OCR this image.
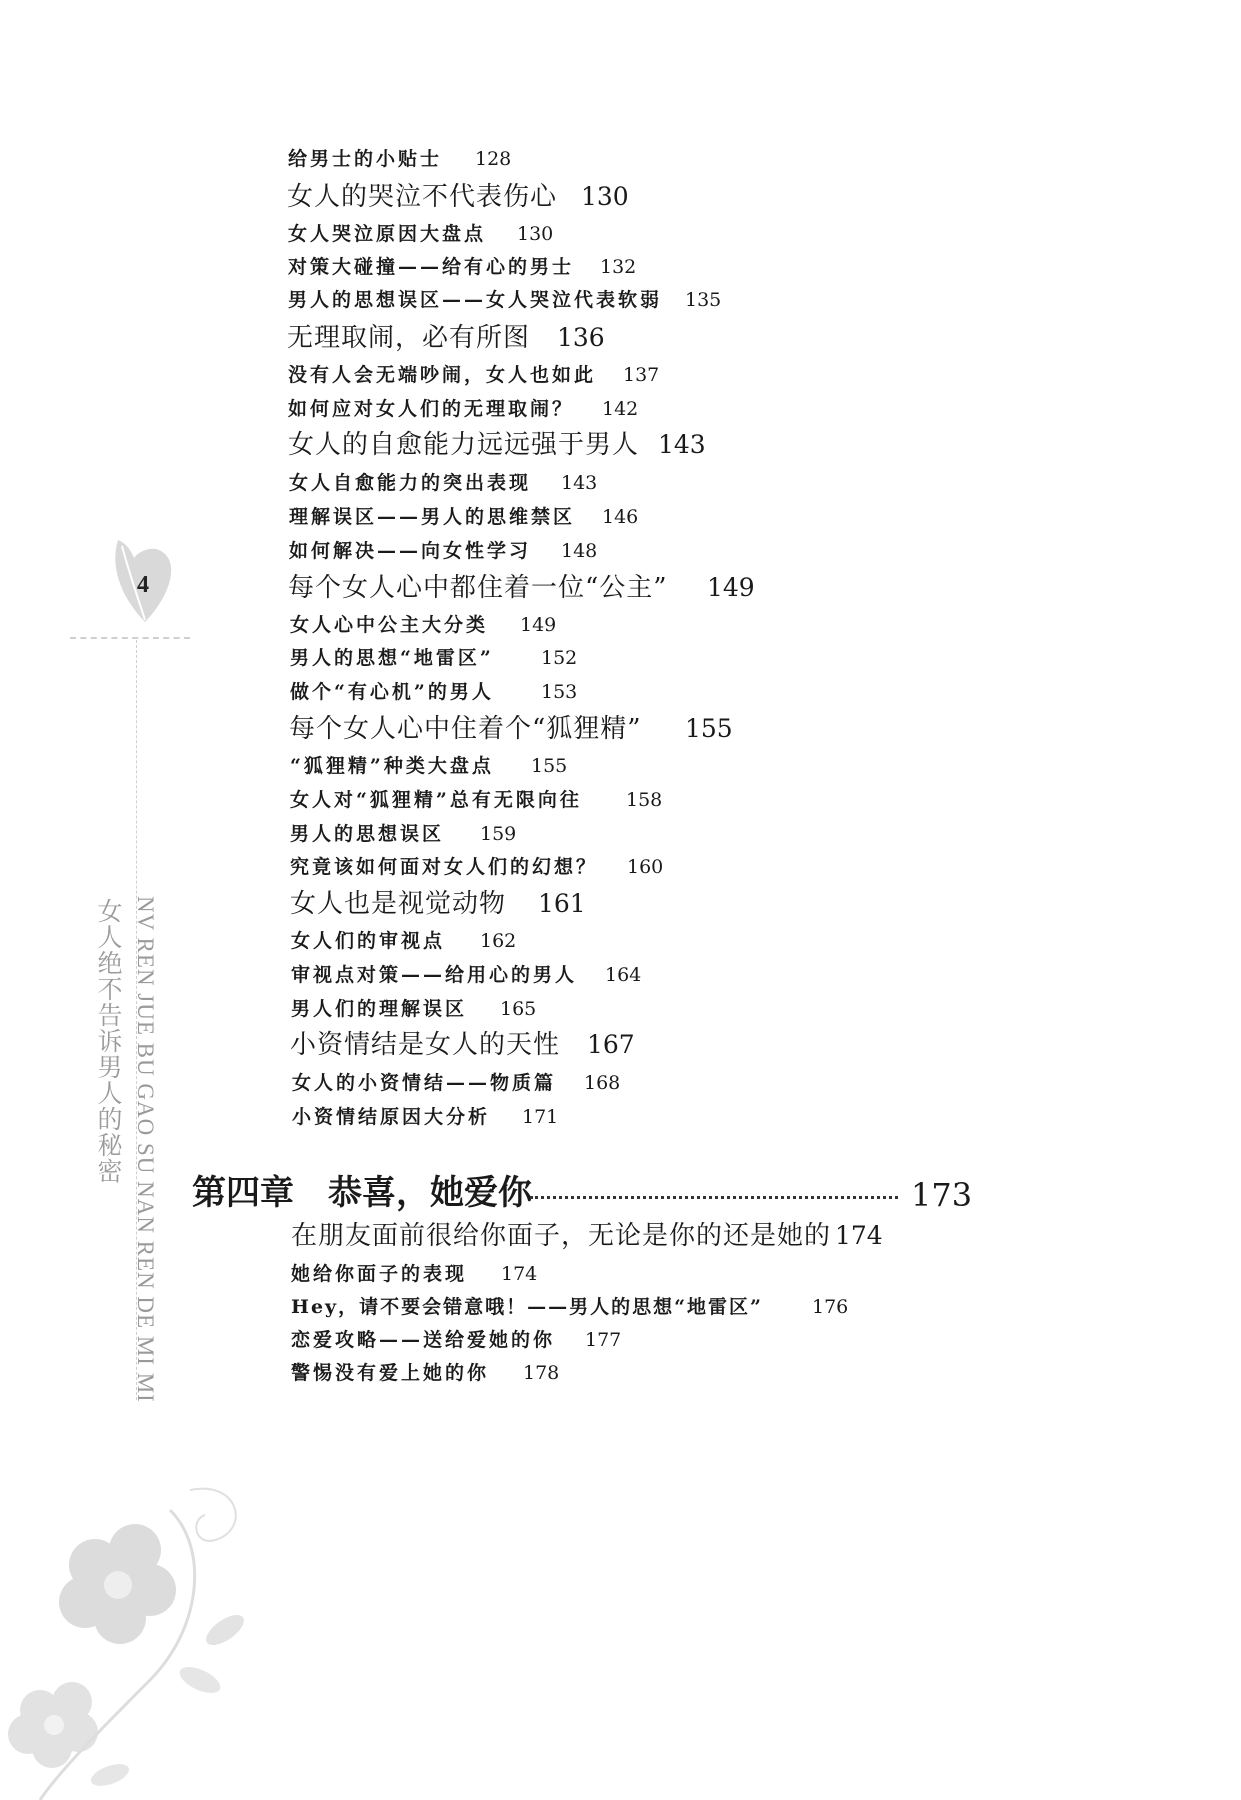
给男士的小贴士 128
女人的哭泣不代表伤心 130
女人哭泣原因大盘点 130
对策大碰撞——给有心的男士 132
男人的思想误区——女人哭泣代表软弱 135
无理取闹，必有所图 136
没有人会无端吵闹，女人也如此 137
如何应对女人们的无理取闹？ 142
女人的自愈能力远远强于男人 143
女人自愈能力的突出表现 143
理解误区——男人的思维禁区 146
如何解决——向女性学习 148
每个女人心中都住着一位“公主” 149
女人心中公主大分类 149
男人的思想“地雷区” 152
做个“有心机”的男人 153
每个女人心中住着个“狐狸精” 155
“狐狸精”种类大盘点 155
女人对“狐狸精”总有无限向往 158
男人的思想误区 159
究竟该如何面对女人们的幻想？ 160
女人也是视觉动物 161
女人们的审视点 162
审视点对策——给用心的男人 164
男人们的理解误区 165
小资情结是女人的天性 167
女人的小资情结——物质篇 168
小资情结原因大分析 171
第四章　恭喜，她爱你	173
在朋友面前很给你面子，无论是你的还是她的 174
她给你面子的表现 174
Hey，请不要会错意哦！——男人的思想“地雷区”	176
恋爱攻略——送给爱她的你 177
警惕没有爱上她的你 178
4
女人绝不告诉男人的秘密 NV REN JUE BU GAO SU NAN REN DE MI MI
